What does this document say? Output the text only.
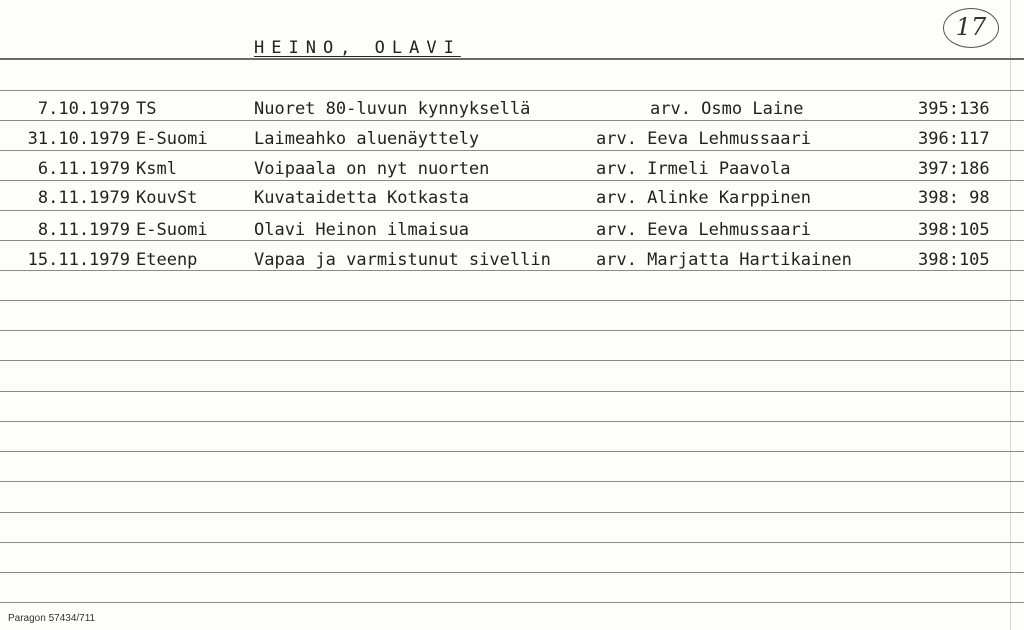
17
HEINO, OLAVI
7.10.1979 TS	Nuoret 80-luvun kynnyksellä	arv. Osmo Laine	395:136
31.10.1979 E-Suomi	Laimeahko aluenäyttely	arv. Eeva Lehmussaari	396:117
6.11.1979 Ksml	Voipaala on nyt nuorten	arv. Irmeli Paavola	397:186
8.11.1979 KouvSt	Kuvataidetta Kotkasta	arv. Alinke Karppinen	398: 98
8.11.1979 E-Suomi	Olavi Heinon ilmaisua	arv. Eeva Lehmussaari	398:105
15.11.1979 Eteenp	Vapaa ja varmistunut sivellin	arv. Marjatta Hartikainen	398:105
Paragon 57434/711
